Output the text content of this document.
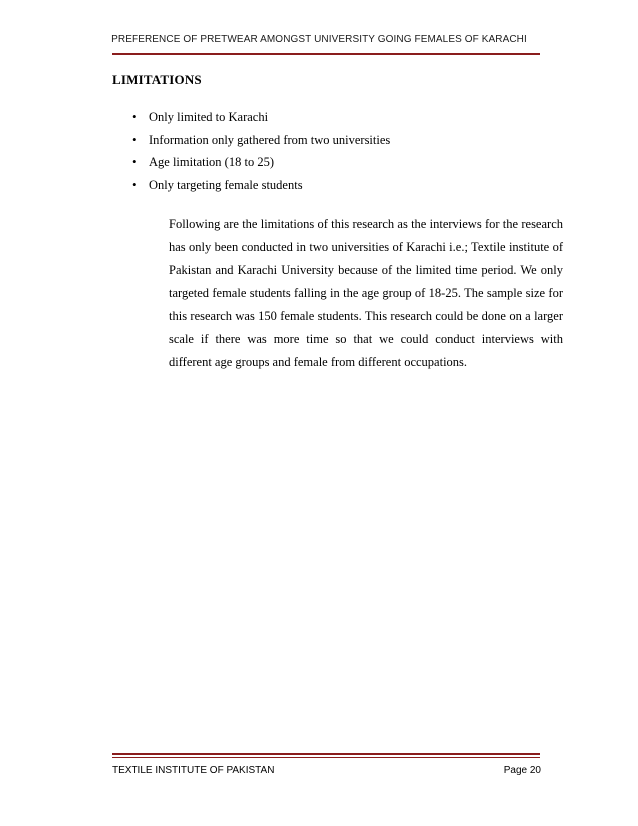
PREFERENCE OF PRETWEAR AMONGST UNIVERSITY GOING FEMALES OF KARACHI
LIMITATIONS
• Only limited to Karachi
• Information only gathered from two universities
• Age limitation (18 to 25)
• Only targeting female students

Following are the limitations of this research as the interviews for the research has only been conducted in two universities of Karachi i.e.; Textile institute of Pakistan and Karachi University because of the limited time period. We only targeted female students falling in the age group of 18-25. The sample size for this research was 150 female students. This research could be done on a larger scale if there was more time so that we could conduct interviews with different age groups and female from different occupations.

TEXTILE INSTITUTE OF PAKISTAN	Page 20
